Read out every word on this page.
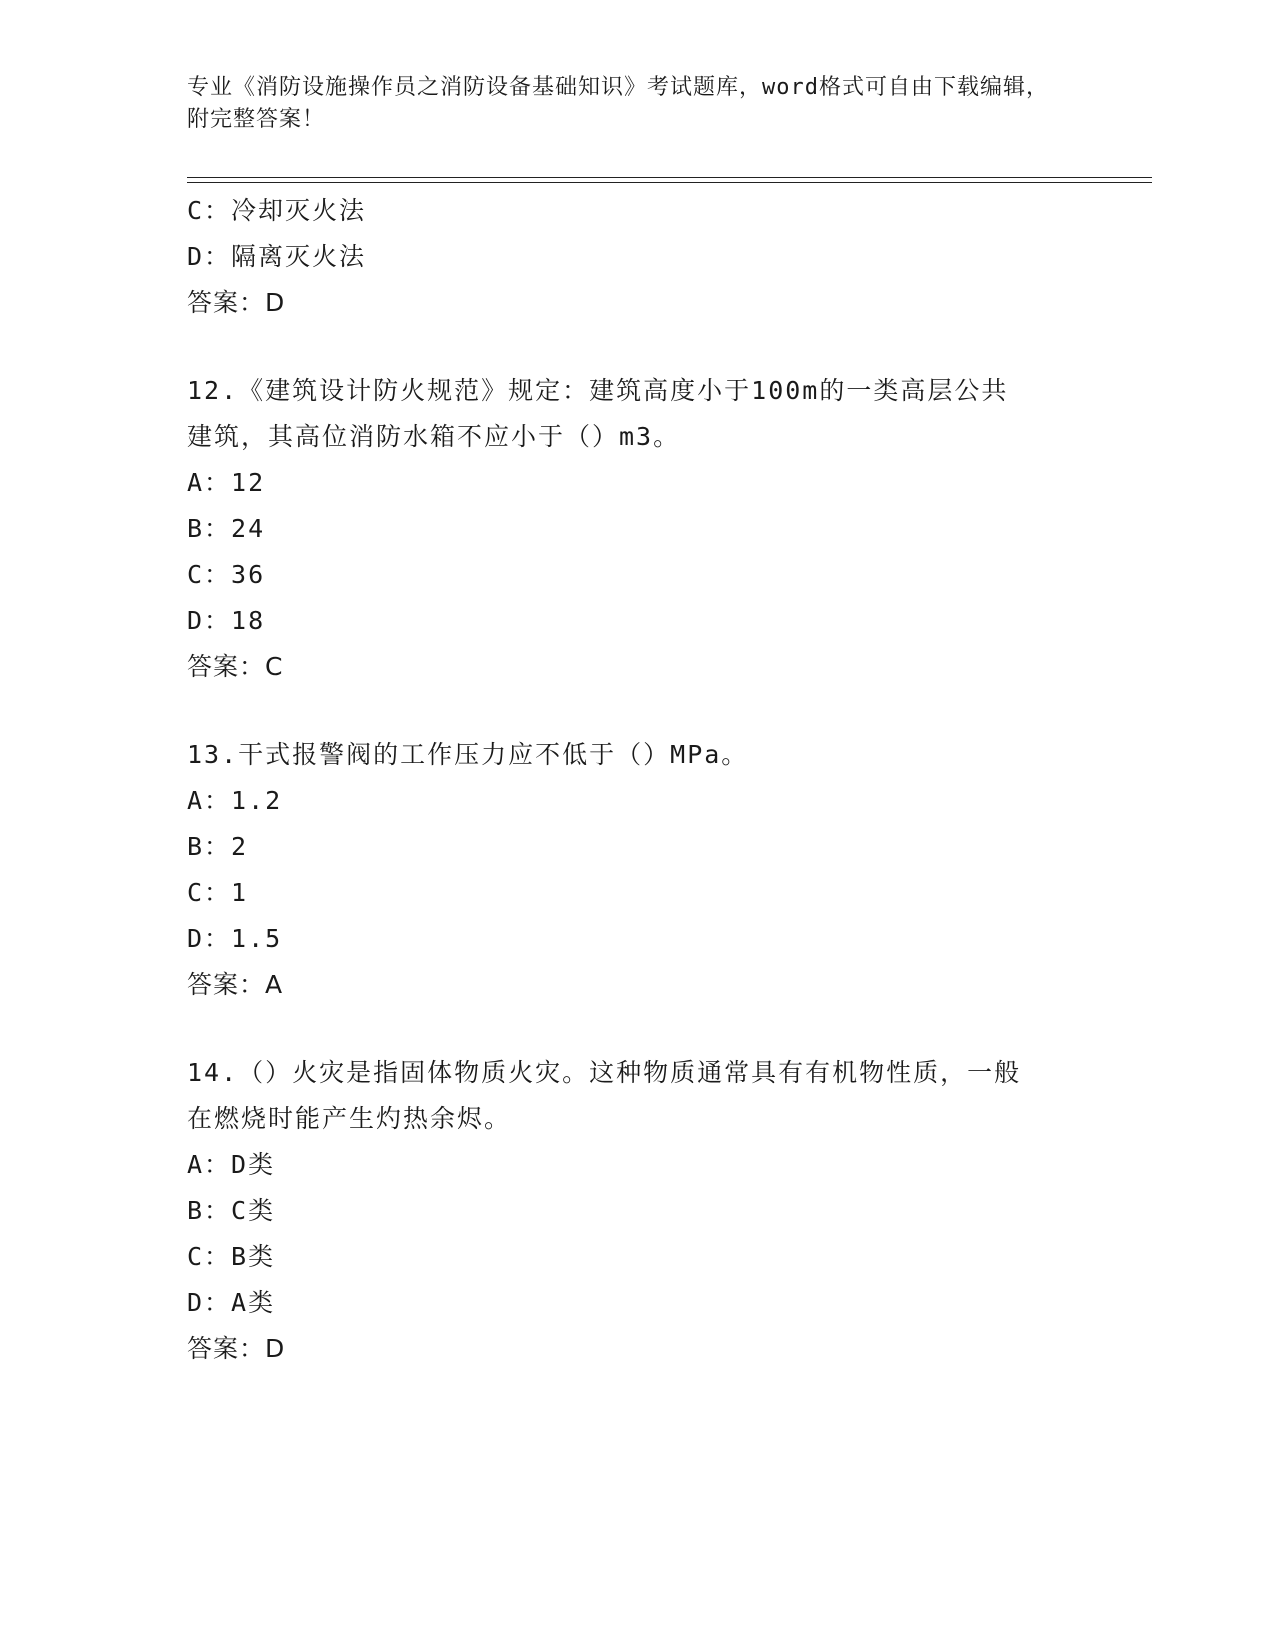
专业《消防设施操作员之消防设备基础知识》考试题库，word格式可自由下载编辑，附完整答案！
C：冷却灭火法
D：隔离灭火法
答案：D
12.《建筑设计防火规范》规定：建筑高度小于100m的一类高层公共
建筑，其高位消防水箱不应小于（）m3。
A：12
B：24
C：36
D：18
答案：C
13.干式报警阀的工作压力应不低于（）MPa。
A：1.2
B：2
C：1
D：1.5
答案：A
14.（）火灾是指固体物质火灾。这种物质通常具有有机物性质，一般
在燃烧时能产生灼热余烬。
A：D类
B：C类
C：B类
D：A类
答案：D
